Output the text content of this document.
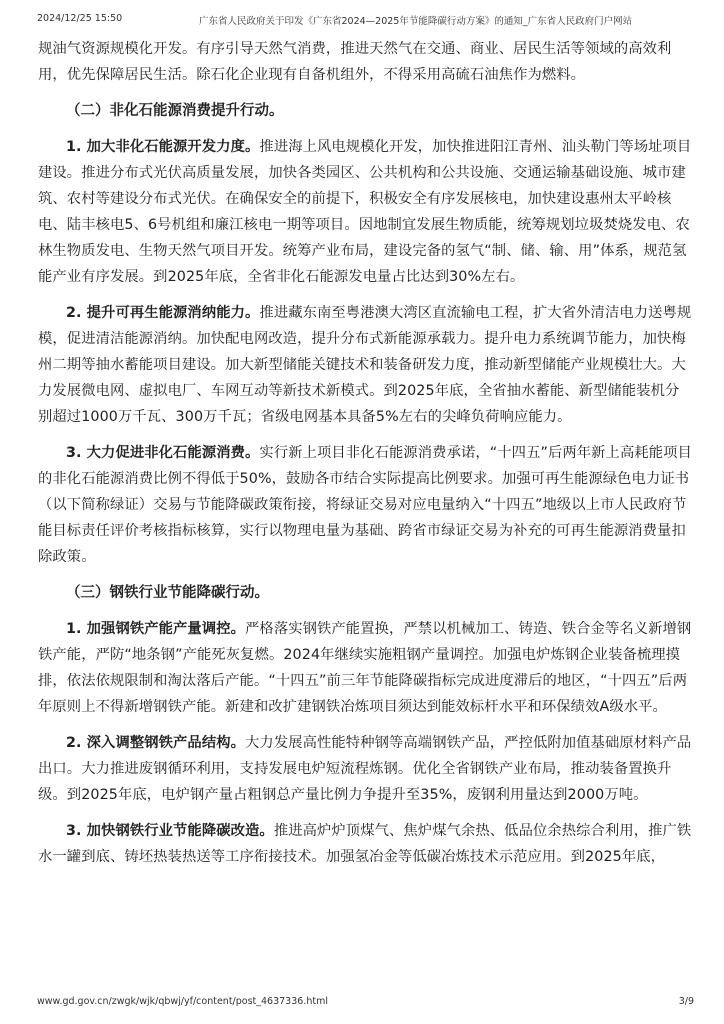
2024/12/25 15:50	广东省人民政府关于印发《广东省2024—2025年节能降碳行动方案》的通知_广东省人民政府门户网站

规油气资源规模化开发。有序引导天然气消费，推进天然气在交通、商业、居民生活等领域的高效利用，优先保障居民生活。除石化企业现有自备机组外，不得采用高硫石油焦作为燃料。

（二）非化石能源消费提升行动。

1. 加大非化石能源开发力度。推进海上风电规模化开发，加快推进阳江青州、汕头勒门等场址项目建设。推进分布式光伏高质量发展，加快各类园区、公共机构和公共设施、交通运输基础设施、城市建筑、农村等建设分布式光伏。在确保安全的前提下，积极安全有序发展核电，加快建设惠州太平岭核电、陆丰核电5、6号机组和廉江核电一期等项目。因地制宜发展生物质能，统筹规划垃圾焚烧发电、农林生物质发电、生物天然气项目开发。统筹产业布局，建设完备的氢气“制、储、输、用”体系，规范氢能产业有序发展。到2025年底，全省非化石能源发电量占比达到30%左右。

2. 提升可再生能源消纳能力。推进藏东南至粤港澳大湾区直流输电工程，扩大省外清洁电力送粤规模，促进清洁能源消纳。加快配电网改造，提升分布式新能源承载力。提升电力系统调节能力，加快梅州二期等抽水蓄能项目建设。加大新型储能关键技术和装备研发力度，推动新型储能产业规模壮大。大力发展微电网、虚拟电厂、车网互动等新技术新模式。到2025年底，全省抽水蓄能、新型储能装机分别超过1000万千瓦、300万千瓦；省级电网基本具备5%左右的尖峰负荷响应能力。

3. 大力促进非化石能源消费。实行新上项目非化石能源消费承诺，“十四五”后两年新上高耗能项目的非化石能源消费比例不得低于50%，鼓励各市结合实际提高比例要求。加强可再生能源绿色电力证书（以下简称绿证）交易与节能降碳政策衔接，将绿证交易对应电量纳入“十四五”地级以上市人民政府节能目标责任评价考核指标核算，实行以物理电量为基础、跨省市绿证交易为补充的可再生能源消费量扣除政策。

（三）钢铁行业节能降碳行动。

1. 加强钢铁产能产量调控。严格落实钢铁产能置换，严禁以机械加工、铸造、铁合金等名义新增钢铁产能，严防“地条钢”产能死灰复燃。2024年继续实施粗钢产量调控。加强电炉炼钢企业装备梳理摸排，依法依规限制和淘汰落后产能。“十四五”前三年节能降碳指标完成进度滞后的地区，“十四五”后两年原则上不得新增钢铁产能。新建和改扩建钢铁冶炼项目须达到能效标杆水平和环保绩效A级水平。

2. 深入调整钢铁产品结构。大力发展高性能特种钢等高端钢铁产品，严控低附加值基础原材料产品出口。大力推进废钢循环利用，支持发展电炉短流程炼钢。优化全省钢铁产业布局，推动装备置换升级。到2025年底，电炉钢产量占粗钢总产量比例力争提升至35%，废钢利用量达到2000万吨。

3. 加快钢铁行业节能降碳改造。推进高炉炉顶煤气、焦炉煤气余热、低品位余热综合利用，推广铁水一罐到底、铸坯热装热送等工序衔接技术。加强氢冶金等低碳冶炼技术示范应用。到2025年底，

www.gd.gov.cn/zwgk/wjk/qbwj/yf/content/post_4637336.html	3/9
